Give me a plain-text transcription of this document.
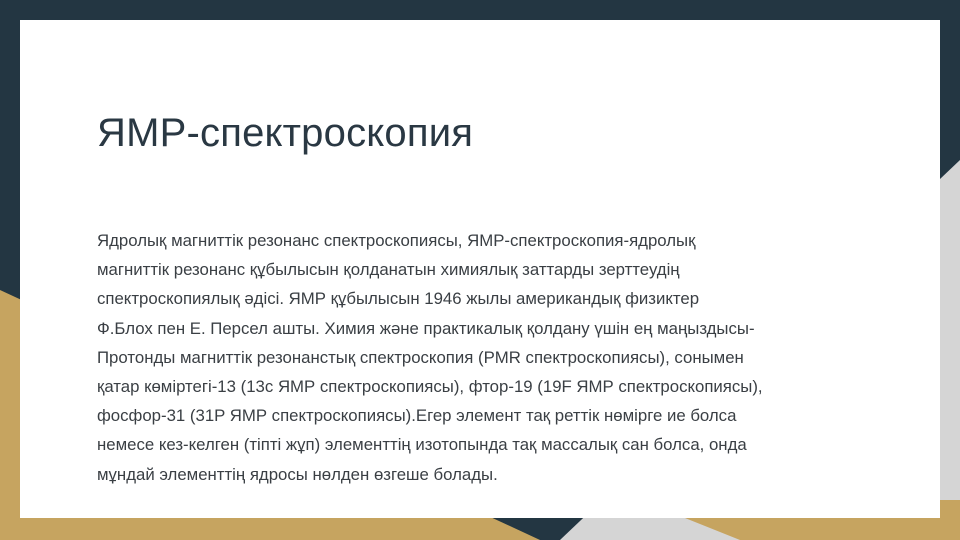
ЯМР-спектроскопия
Ядролық магниттік резонанс спектроскопиясы, ЯМР-спектроскопия-ядролық
магниттік резонанс құбылысын қолданатын химиялық заттарды зерттеудің
спектроскопиялық әдісі. ЯМР құбылысын 1946 жылы американдық физиктер
Ф.Блох пен Е. Персел ашты. Химия және практикалық қолдану үшін ең маңыздысы-
Протонды магниттік резонанстық спектроскопия (PMR спектроскопиясы), сонымен
қатар көміртегі-13 (13с ЯМР спектроскопиясы), фтор-19 (19F ЯМР спектроскопиясы),
фосфор-31 (31P ЯМР спектроскопиясы).Егер элемент тақ реттік нөмірге ие болса
немесе кез-келген (тіпті жұп) элементтің изотопында тақ массалық сан болса, онда
мұндай элементтің ядросы нөлден өзгеше болады.
